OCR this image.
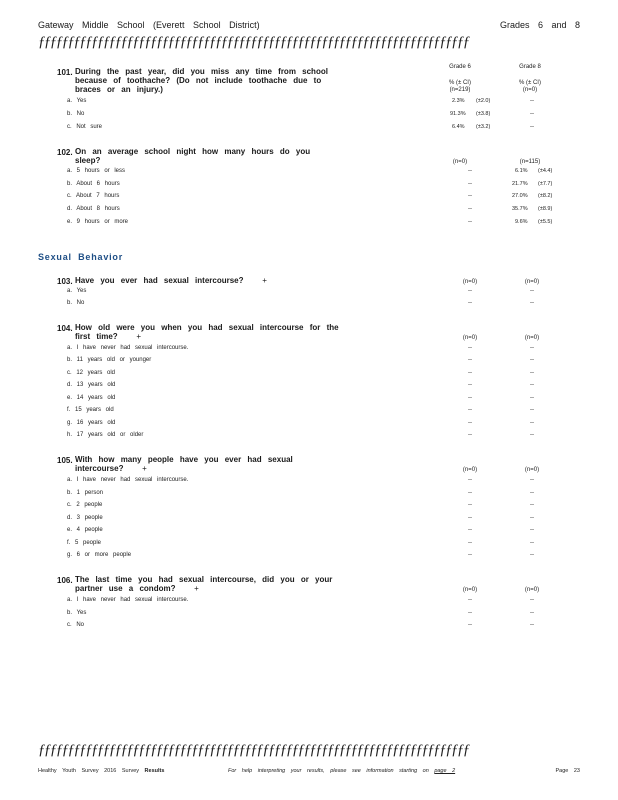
Gateway Middle School (Everett School District)	Grades 6 and 8
ƒƒƒƒƒƒƒƒƒƒƒƒƒƒƒƒƒƒƒƒƒƒƒƒƒƒƒƒƒƒƒƒƒƒƒƒƒƒƒƒƒƒƒƒƒƒƒƒƒƒƒƒƒƒƒƒƒƒƒƒƒƒƒƒƒƒƒƒƒƒƒƒƒ
101. During the past year, did you miss any time from school
because of toothache? (Do not include toothache due to
braces or an injury.)
Grade 6	Grade 8
% (± CI)	% (± CI)
(n=219)	(n=0)
a. Yes	2.3% (±2.0)	--
b. No	91.3% (±3.8)	--
c. Not sure	6.4% (±3.2)	--
102. On an average school night how many hours do you
sleep?	(n=0)	(n=115)
a. 5 hours or less	--	6.1% (±4.4)
b. About 6 hours	--	21.7% (±7.7)
c. About 7 hours	--	27.0% (±8.2)
d. About 8 hours	--	35.7% (±8.9)
e. 9 hours or more	--	9.6% (±5.5)
Sexual Behavior
103. Have you ever had sexual intercourse? +	(n=0)	(n=0)
a. Yes	--	--
b. No	--	--
104. How old were you when you had sexual intercourse for the
first time? +	(n=0)	(n=0)
a. I have never had sexual intercourse.	--	--
b. 11 years old or younger	--	--
c. 12 years old	--	--
d. 13 years old	--	--
e. 14 years old	--	--
f. 15 years old	--	--
g. 16 years old	--	--
h. 17 years old or older	--	--
105. With how many people have you ever had sexual
intercourse? +	(n=0)	(n=0)
a. I have never had sexual intercourse.	--	--
b. 1 person	--	--
c. 2 people	--	--
d. 3 people	--	--
e. 4 people	--	--
f. 5 people	--	--
g. 6 or more people	--	--
106. The last time you had sexual intercourse, did you or your
partner use a condom? +	(n=0)	(n=0)
a. I have never had sexual intercourse.	--	--
b. Yes	--	--
c. No	--	--
ƒƒƒƒƒƒƒƒƒƒƒƒƒƒƒƒƒƒƒƒƒƒƒƒƒƒƒƒƒƒƒƒƒƒƒƒƒƒƒƒƒƒƒƒƒƒƒƒƒƒƒƒƒƒƒƒƒƒƒƒƒƒƒƒƒƒƒƒƒƒƒƒƒ
Healthy Youth Survey 2016 Survey Results	For help interpreting your results, please see information starting on page 2	Page 23
